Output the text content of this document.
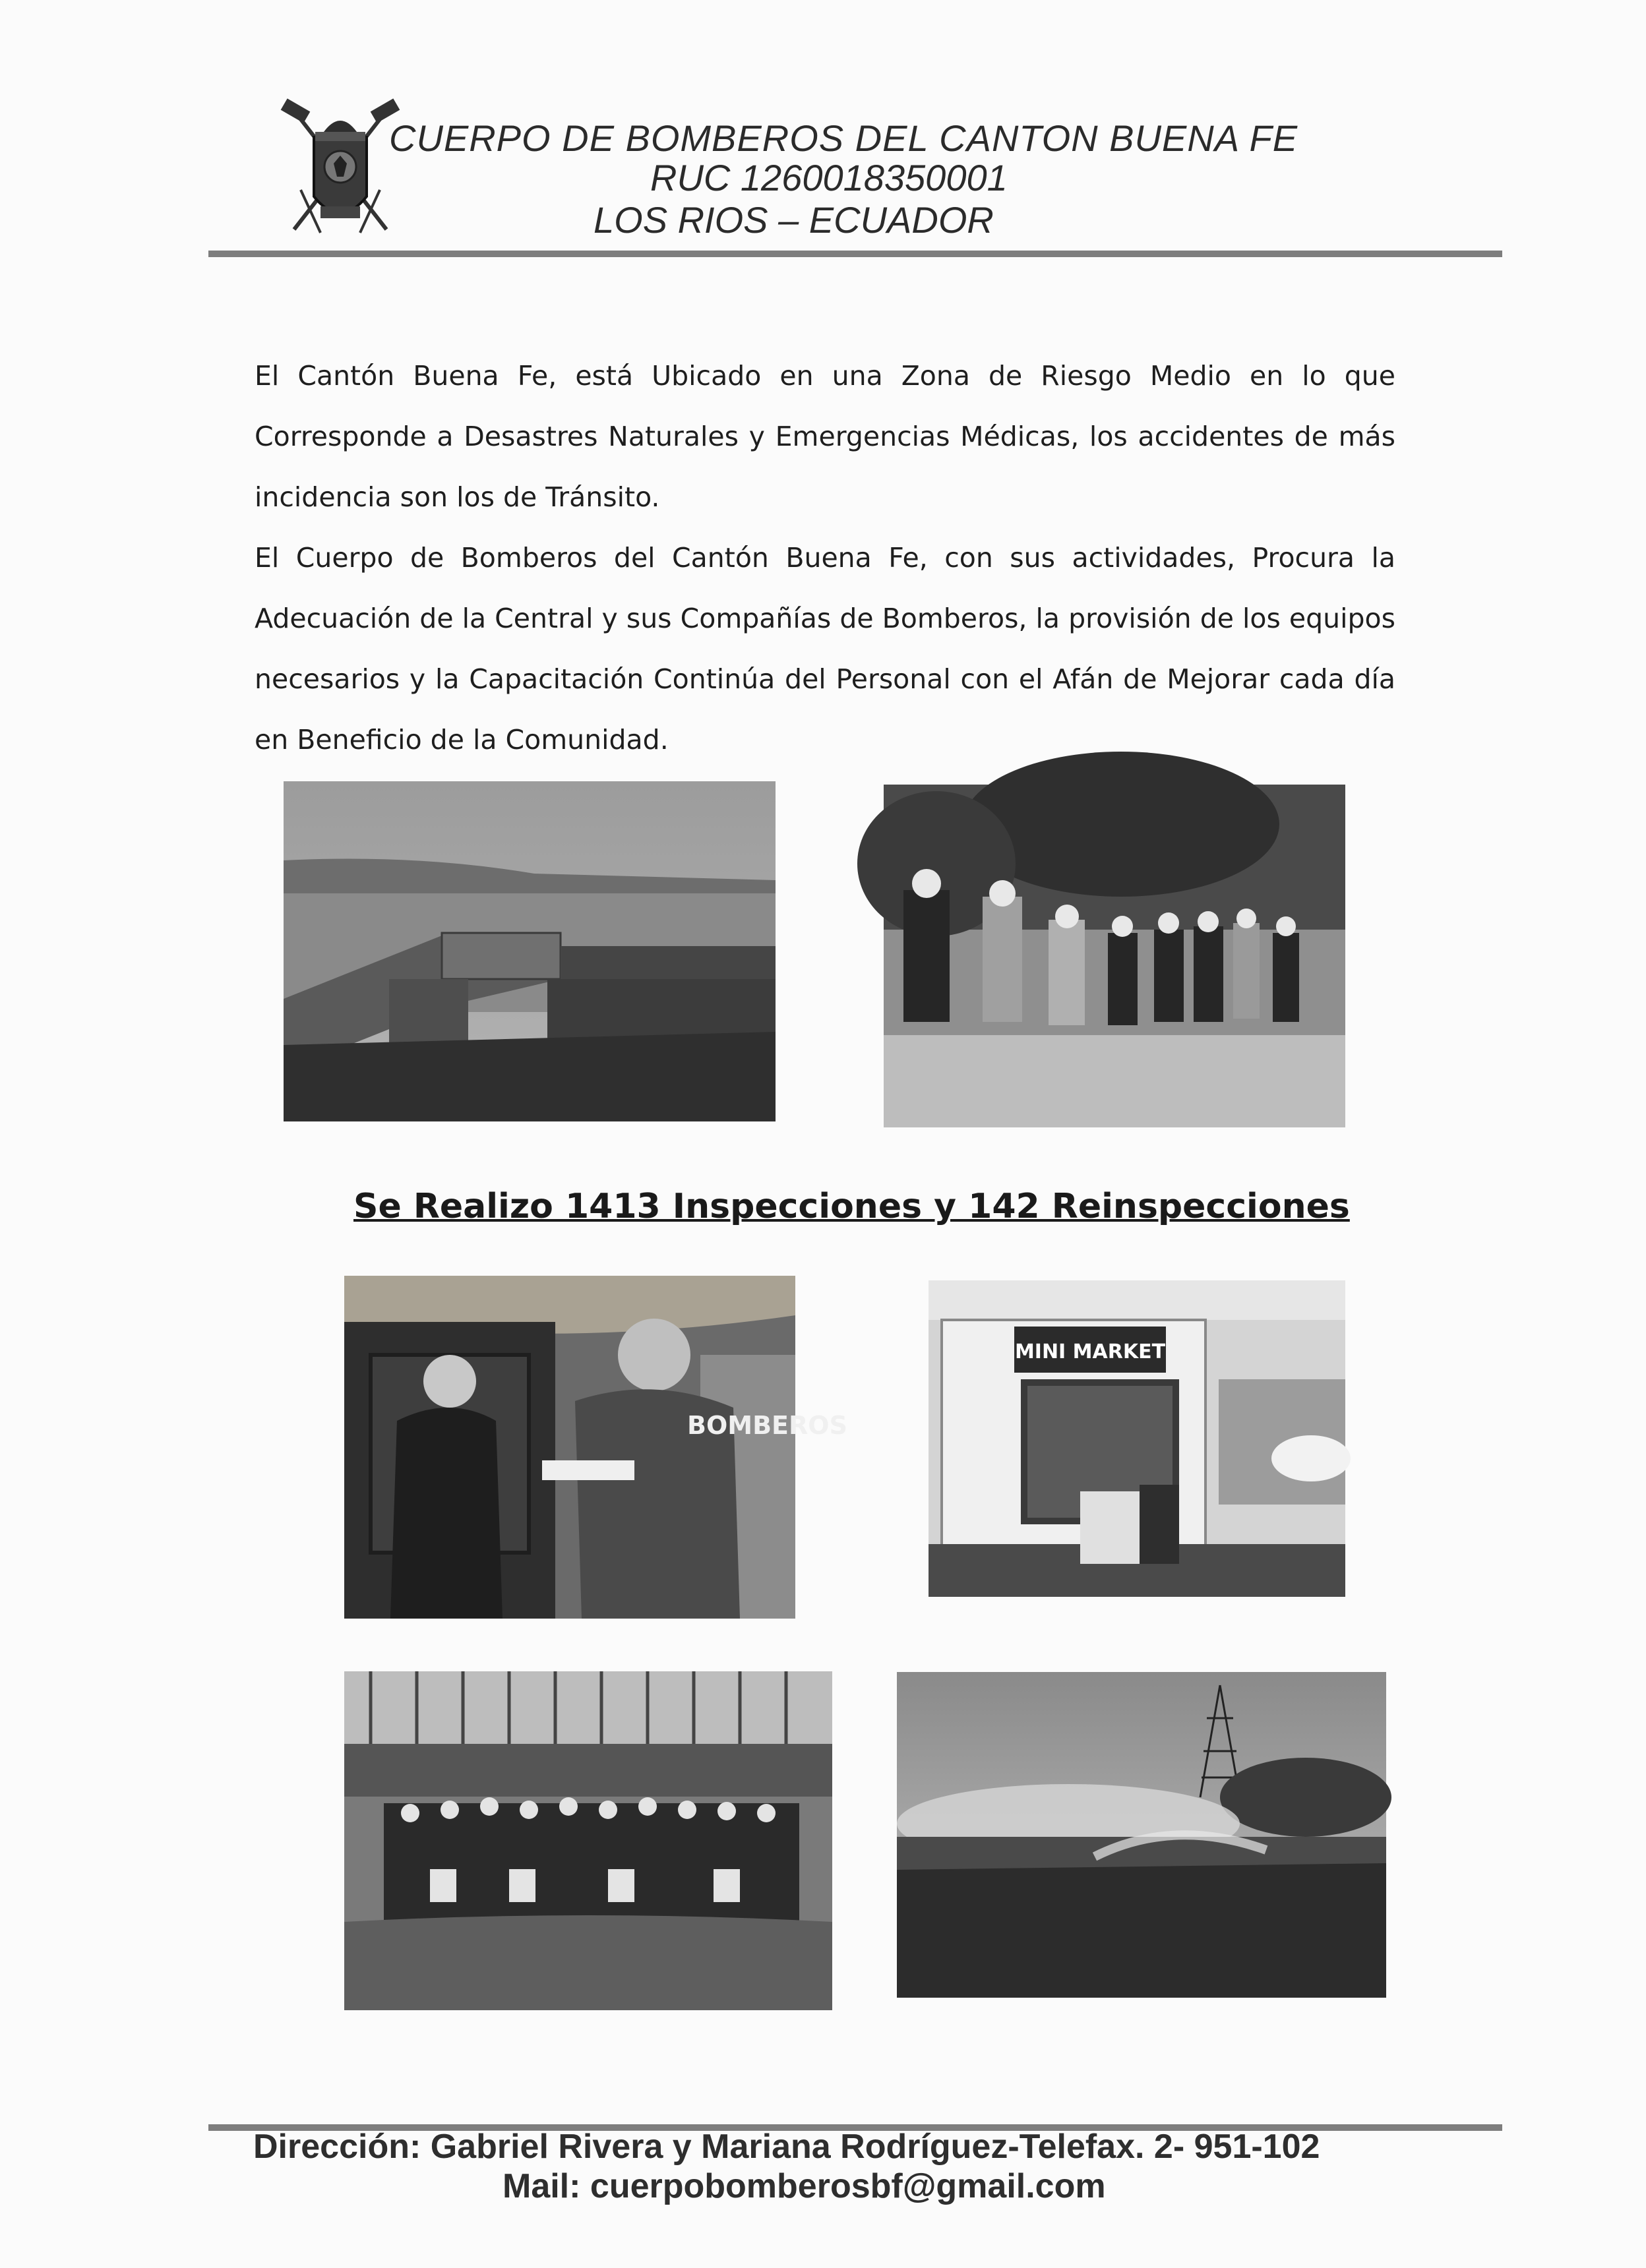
CUERPO DE BOMBEROS DEL CANTON BUENA FE
RUC 1260018350001
LOS RIOS – ECUADOR

El Cantón Buena Fe, está Ubicado en una Zona de Riesgo Medio en lo que Corresponde a Desastres Naturales y Emergencias Médicas, los accidentes de más incidencia son los de Tránsito.

El Cuerpo de Bomberos del Cantón Buena Fe, con sus actividades, Procura la Adecuación de la Central y sus Compañías de Bomberos, la provisión de los equipos necesarios y la Capacitación Continúa del Personal con el Afán de Mejorar cada día en Beneficio de la Comunidad.

Se Realizo 1413 Inspecciones y 142 Reinspecciones
BOMBEROS
MINI MARKET
Dirección: Gabriel Rivera y Mariana Rodríguez-Telefax. 2- 951-102
Mail: cuerpobomberosbf@gmail.com
